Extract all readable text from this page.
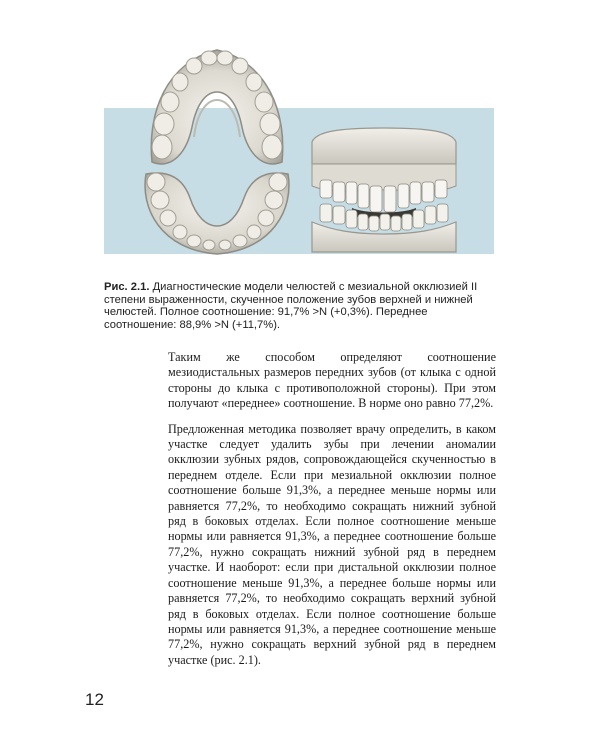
Рис. 2.1. Диагностические модели челюстей с мезиальной окклюзией II степени выраженности, скученное положение зубов верхней и нижней челюстей. Полное соотношение: 91,7% >N (+0,3%). Переднее соотношение: 88,9% >N (+11,7%).

Таким же способом определяют соотношение мезиодистальных размеров передних зубов (от клыка с одной стороны до клыка с противоположной стороны). При этом получают «переднее» соотношение. В норме оно равно 77,2%.

Предложенная методика позволяет врачу определить, в каком участке следует удалить зубы при лечении аномалии окклюзии зубных рядов, сопровождающейся скученностью в переднем отделе. Если при мезиальной окклюзии полное соотношение больше 91,3%, а переднее меньше нормы или равняется 77,2%, то необходимо сокращать нижний зубной ряд в боковых отделах. Если полное соотношение меньше нормы или равняется 91,3%, а переднее соотношение больше 77,2%, нужно сокращать нижний зубной ряд в переднем участке. И наоборот: если при дистальной окклюзии полное соотношение меньше 91,3%, а переднее больше нормы или равняется 77,2%, то необходимо сокращать верхний зубной ряд в боковых отделах. Если полное соотношение больше нормы или равняется 91,3%, а переднее соотношение меньше 77,2%, нужно сокращать верхний зубной ряд в переднем участке (рис. 2.1).

12
